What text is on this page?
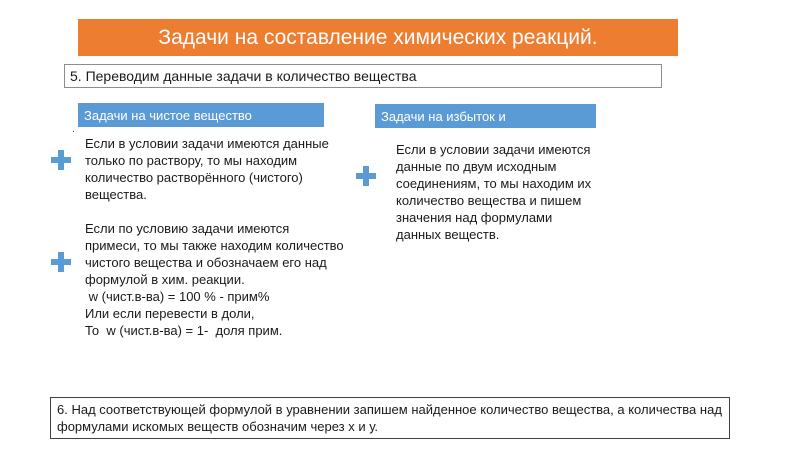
Задачи на составление химических реакций.
5. Переводим данные задачи в количество вещества
Задачи на чистое вещество
.
Задачи на избыток и
Если в условии задачи имеются данные только по раствору, то мы находим количество растворённого (чистого) вещества.
Если по условию задачи имеются примеси, то мы также находим количество чистого вещества и обозначаем его над формулой в хим. реакции.
w (чист.в-ва) = 100 % - прим%
Или если перевести в доли,
То  w (чист.в-ва) = 1-  доля прим.
Если в условии задачи имеются данные по двум исходным соединениям, то мы находим их количество вещества и пишем значения над формулами данных веществ.
6. Над соответствующей формулой в уравнении запишем найденное количество вещества, а количества над формулами искомых веществ обозначим через х и у.
